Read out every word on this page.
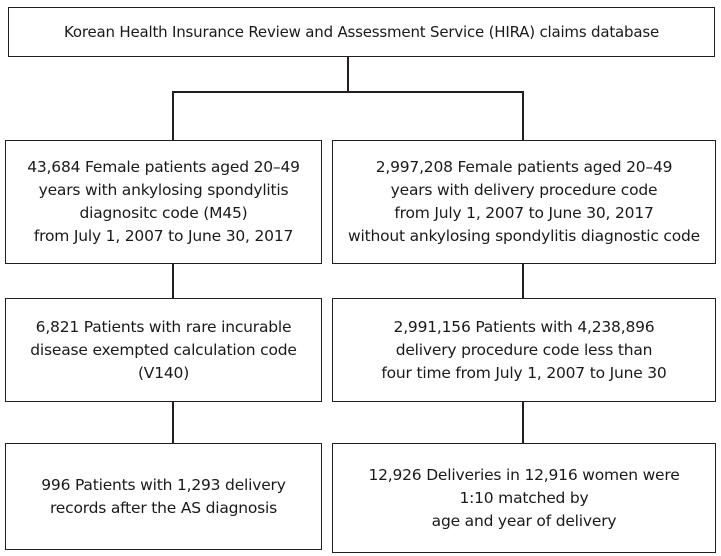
Korean Health Insurance Review and Assessment Service (HIRA) claims database
43,684 Female patients aged 20–49
years with ankylosing spondylitis
diagnositc code (M45)
from July 1, 2007 to June 30, 2017
6,821 Patients with rare incurable
disease exempted calculation code
(V140)
996 Patients with 1,293 delivery
records after the AS diagnosis
2,997,208 Female patients aged 20–49
years with delivery procedure code
from July 1, 2007 to June 30, 2017
without ankylosing spondylitis diagnostic code
2,991,156 Patients with 4,238,896
delivery procedure code less than
four time from July 1, 2007 to June 30
12,926 Deliveries in 12,916 women were
1:10 matched by
age and year of delivery
